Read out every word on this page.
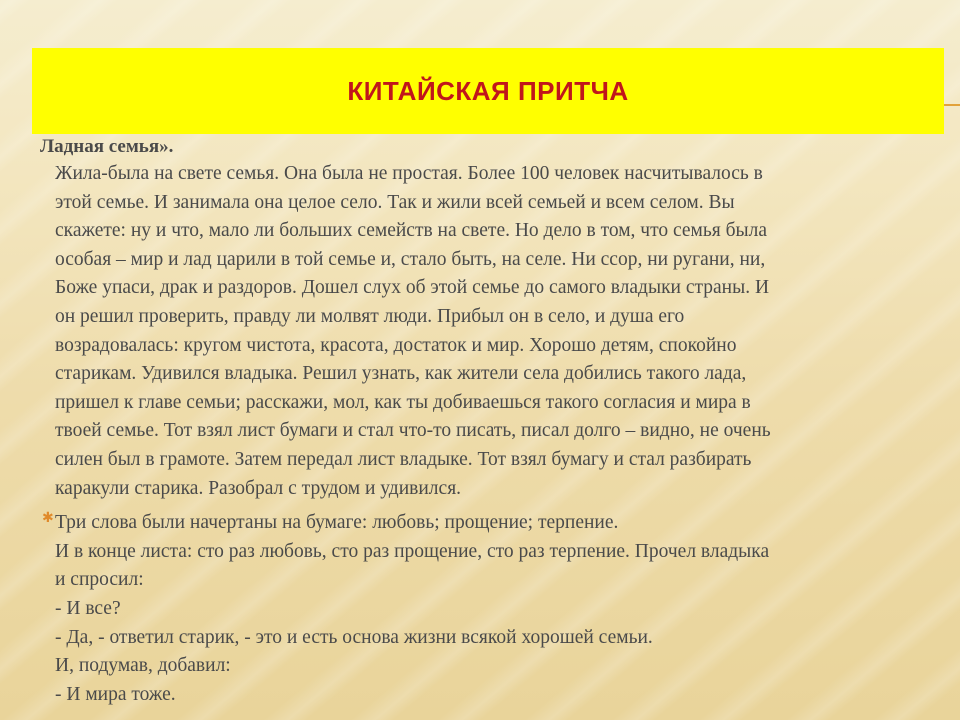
КИТАЙСКАЯ ПРИТЧА
Ладная семья».
Жила-была на свете семья. Она была не простая. Более 100 человек насчитывалось в
этой семье. И занимала она целое село. Так и жили всей семьей и всем селом. Вы
скажете: ну и что, мало ли больших семейств на свете. Но дело в том, что семья была
особая – мир и лад царили в той семье и, стало быть, на селе. Ни ссор, ни ругани, ни,
Боже упаси, драк и раздоров. Дошел слух об этой семье до самого владыки страны. И
он решил проверить, правду ли молвят люди. Прибыл он в село, и душа его
возрадовалась: кругом чистота, красота, достаток и мир. Хорошо детям, спокойно
старикам. Удивился владыка. Решил узнать, как жители села добились такого лада,
пришел к главе семьи; расскажи, мол, как ты добиваешься такого согласия и мира в
твоей семье. Тот взял лист бумаги и стал что-то писать, писал долго – видно, не очень
силен был в грамоте. Затем передал лист владыке. Тот взял бумагу и стал разбирать
каракули старика. Разобрал с трудом и удивился.
✱ Три слова были начертаны на бумаге: любовь; прощение; терпение.
И в конце листа: сто раз любовь, сто раз прощение, сто раз терпение. Прочел владыка
и спросил:
- И все?
- Да, - ответил старик, - это и есть основа жизни всякой хорошей семьи.
И, подумав, добавил:
- И мира тоже.
